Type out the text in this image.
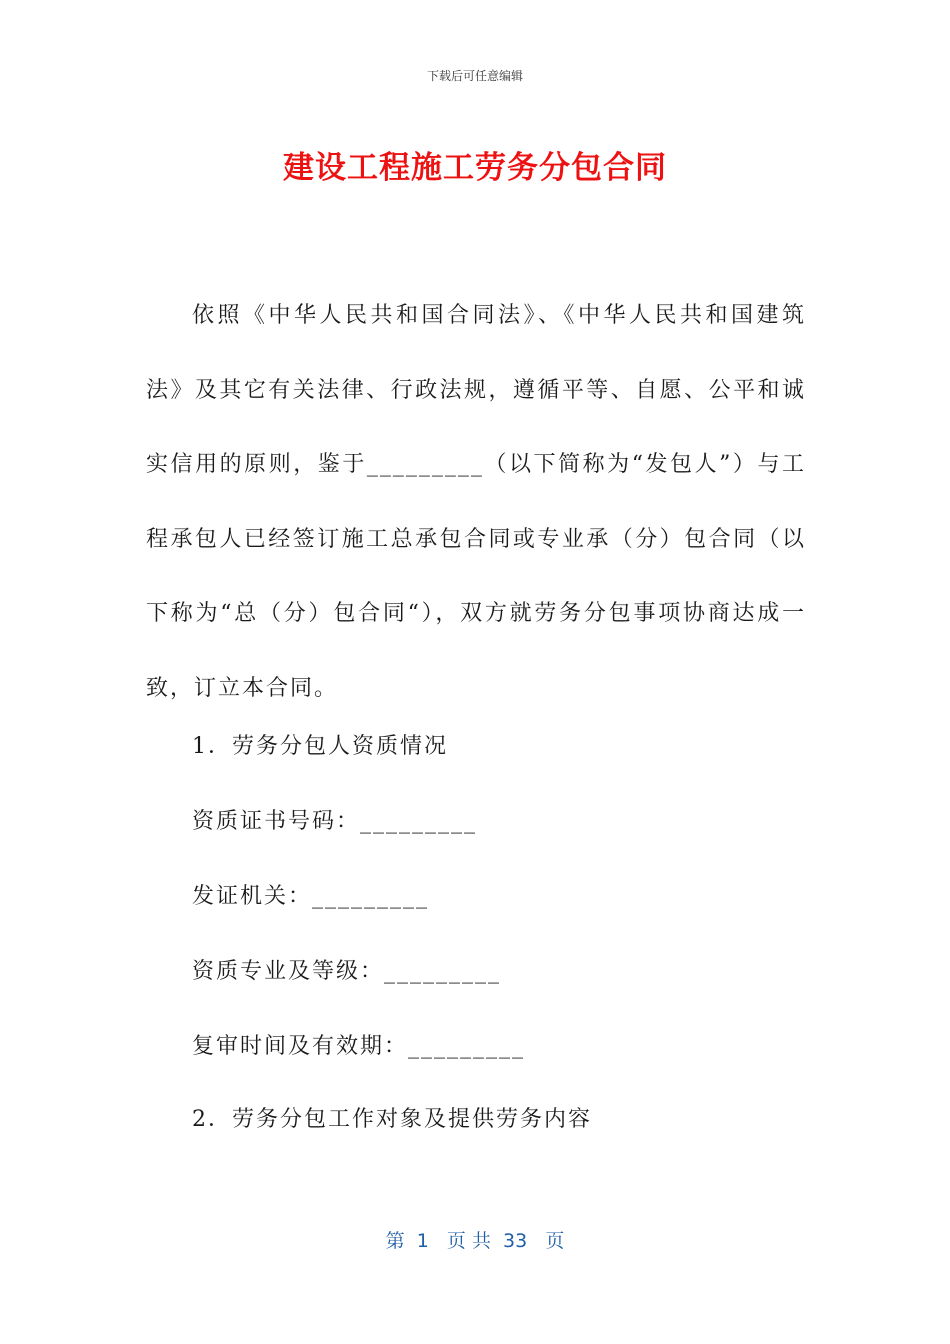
下载后可任意编辑
建设工程施工劳务分包合同
依照《中华人民共和国合同法》、《中华人民共和国建筑法》及其它有关法律、行政法规，遵循平等、自愿、公平和诚实信用的原则，鉴于_________（以下简称为“发包人”）与工程承包人已经签订施工总承包合同或专业承（分）包合同（以下称为“总（分）包合同“），双方就劳务分包事项协商达成一致，订立本合同。
1．劳务分包人资质情况
资质证书号码：_________
发证机关：_________
资质专业及等级：_________
复审时间及有效期：_________
2．劳务分包工作对象及提供劳务内容
第  1   页 共  33   页
